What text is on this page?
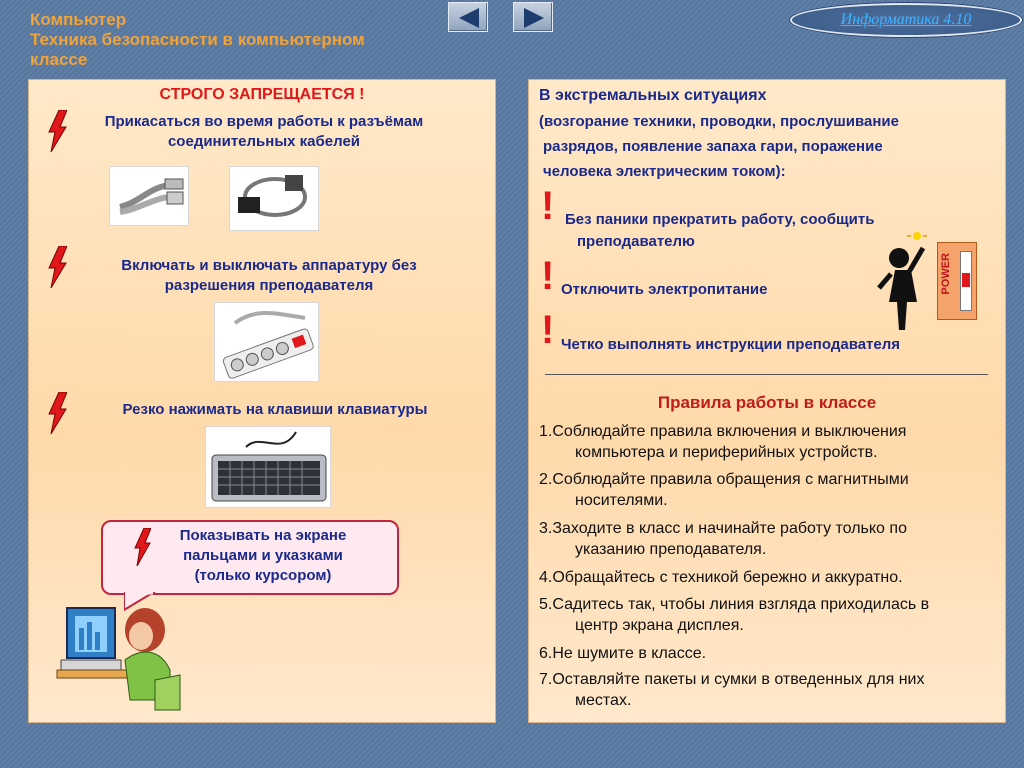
Компьютер
Техника безопасности в компьютерном
классе
Информатика 4.10
СТРОГО ЗАПРЕЩАЕТСЯ !
Прикасаться во время работы к разъёмам
соединительных кабелей
Включать и выключать аппаратуру без
разрешения преподавателя
Резко нажимать на клавиши клавиатуры
Показывать на экране
пальцами и указками
(только курсором)
В экстремальных ситуациях
(возгорание техники, проводки, прослушивание
разрядов, появление запаха гари, поражение
человека электрическим током):
! Без паники прекратить работу, сообщить
преподавателю
! Отключить электропитание
! Четко выполнять инструкции преподавателя
POWER
Правила работы в классе
1.Соблюдайте правила включения и выключения
компьютера и периферийных устройств.
2.Соблюдайте правила обращения с магнитными
носителями.
3.Заходите в класс и начинайте работу только по
указанию преподавателя.
4.Обращайтесь с техникой бережно и аккуратно.
5.Садитесь так, чтобы линия взгляда приходилась в
центр экрана дисплея.
6.Не шумите в классе.
7.Оставляйте пакеты и сумки в отведенных для них
местах.
